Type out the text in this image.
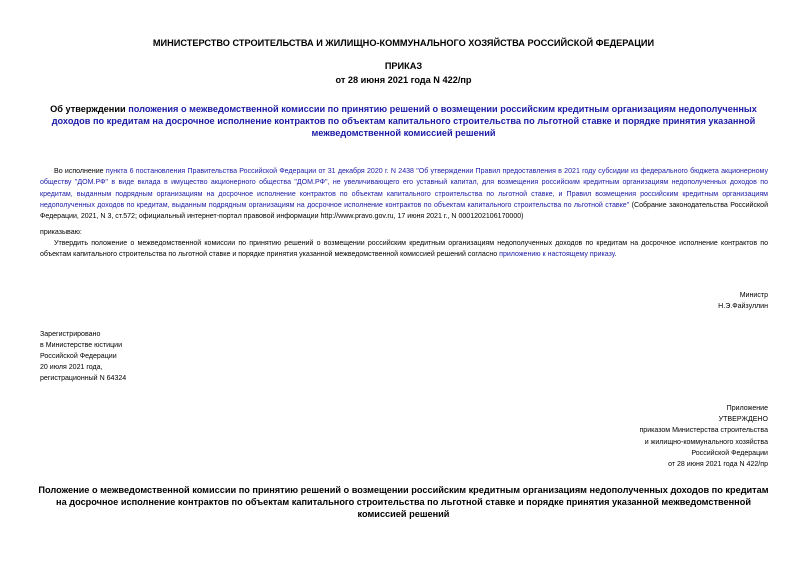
МИНИСТЕРСТВО СТРОИТЕЛЬСТВА И ЖИЛИЩНО-КОММУНАЛЬНОГО ХОЗЯЙСТВА РОССИЙСКОЙ ФЕДЕРАЦИИ

ПРИКАЗ

от 28 июня 2021 года N 422/пр

Об утверждении положения о межведомственной комиссии по принятию решений о возмещении российским кредитным организациям недополученных доходов по кредитам на досрочное исполнение контрактов по объектам капитального строительства по льготной ставке и порядке принятия указанной межведомственной комиссией решений

Во исполнение пункта 6 постановления Правительства Российской Федерации от 31 декабря 2020 г. N 2438 "Об утверждении Правил предоставления в 2021 году субсидии из федерального бюджета акционерному обществу "ДОМ.РФ" в виде вклада в имущество акционерного общества "ДОМ.РФ", не увеличивающего его уставный капитал, для возмещения российским кредитным организациям недополученных доходов по кредитам, выданным подрядным организациям на досрочное исполнение контрактов по объектам капитального строительства по льготной ставке, и Правил возмещения российским кредитным организациям недополученных доходов по кредитам, выданным подрядным организациям на досрочное исполнение контрактов по объектам капитального строительства по льготной ставке" (Собрание законодательства Российской Федерации, 2021, N 3, ст.572; официальный интернет-портал правовой информации http://www.pravo.gov.ru, 17 июня 2021 г., N 0001202106170000)

приказываю:

Утвердить положение о межведомственной комиссии по принятию решений о возмещении российским кредитным организациям недополученных доходов по кредитам на досрочное исполнение контрактов по объектам капитального строительства по льготной ставке и порядке принятия указанной межведомственной комиссией решений согласно приложению к настоящему приказу.

Министр

Н.Э.Файзуллин

Зарегистрировано
в Министерстве юстиции
Российской Федерации
20 июля 2021 года,
регистрационный N 64324

Приложение
УТВЕРЖДЕНО
приказом Министерства строительства
и жилищно-коммунального хозяйства
Российской Федерации
от 28 июня 2021 года N 422/пр

Положение о межведомственной комиссии по принятию решений о возмещении российским кредитным организациям недополученных доходов по кредитам на досрочное исполнение контрактов по объектам капитального строительства по льготной ставке и порядке принятия указанной межведомственной комиссией решений
